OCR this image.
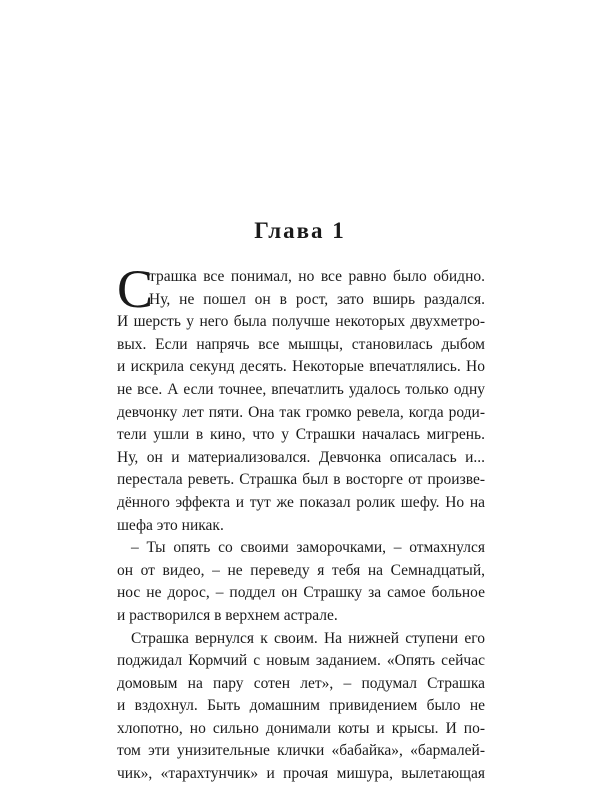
Глава 1
С
трашка все понимал, но все равно было обидно.
Ну, не пошел он в рост, зато вширь раздался.
И шерсть у него была получше некоторых двухметро-
вых. Если напрячь все мышцы, становилась дыбом
и искрила секунд десять. Некоторые впечатлялись. Но
не все. А если точнее, впечатлить удалось только одну
девчонку лет пяти. Она так громко ревела, когда роди-
тели ушли в кино, что у Страшки началась мигрень.
Ну, он и материализовался. Девчонка описалась и...
перестала реветь. Страшка был в восторге от произве-
дённого эффекта и тут же показал ролик шефу. Но на
шефа это никак.
– Ты опять со своими заморочками, – отмахнулся
он от видео, – не переведу я тебя на Семнадцатый,
нос не дорос, – поддел он Страшку за самое больное
и растворился в верхнем астрале.
Страшка вернулся к своим. На нижней ступени его
поджидал Кормчий с новым заданием. «Опять сейчас
домовым на пару сотен лет», – подумал Страшка
и вздохнул. Быть домашним привидением было не
хлопотно, но сильно донимали коты и крысы. И по-
том эти унизительные клички «бабайка», «бармалей-
чик», «тарахтунчик» и прочая мишура, вылетающая
